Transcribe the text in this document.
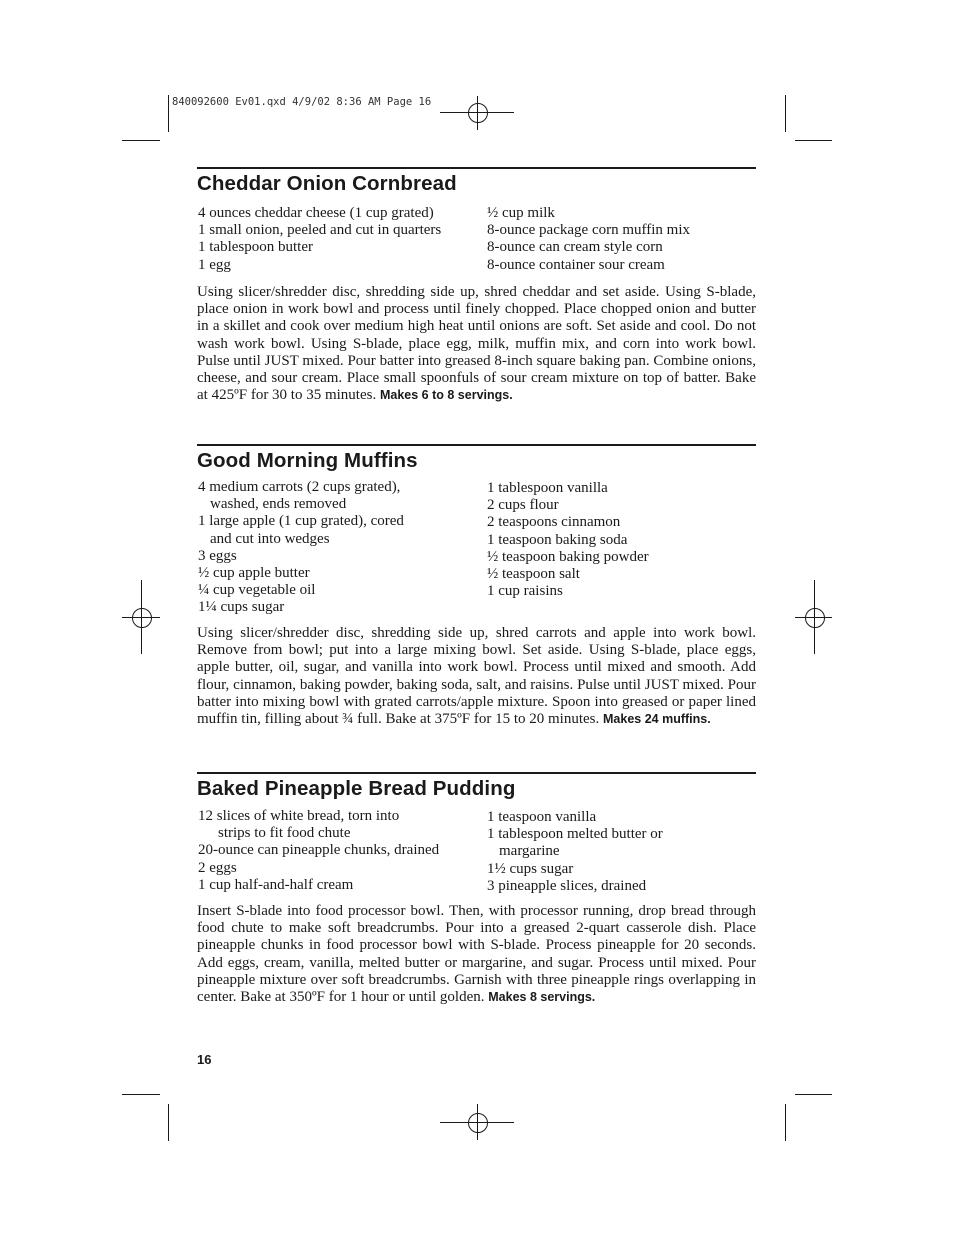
840092600 Ev01.qxd 4/9/02 8:36 AM Page 16
Cheddar Onion Cornbread
4 ounces cheddar cheese (1 cup grated)
1 small onion, peeled and cut in quarters
1 tablespoon butter
1 egg
½ cup milk
8-ounce package corn muffin mix
8-ounce can cream style corn
8-ounce container sour cream

Using slicer/shredder disc, shredding side up, shred cheddar and set aside. Using S-blade, place onion in work bowl and process until finely chopped. Place chopped onion and butter in a skillet and cook over medium high heat until onions are soft. Set aside and cool. Do not wash work bowl. Using S-blade, place egg, milk, muffin mix, and corn into work bowl. Pulse until JUST mixed. Pour batter into greased 8-inch square baking pan. Combine onions, cheese, and sour cream. Place small spoonfuls of sour cream mixture on top of batter. Bake at 425ºF for 30 to 35 minutes. Makes 6 to 8 servings.

Good Morning Muffins
4 medium carrots (2 cups grated),
washed, ends removed
1 large apple (1 cup grated), cored
and cut into wedges
3 eggs
½ cup apple butter
¼ cup vegetable oil
1¼ cups sugar
1 tablespoon vanilla
2 cups flour
2 teaspoons cinnamon
1 teaspoon baking soda
½ teaspoon baking powder
½ teaspoon salt
1 cup raisins

Using slicer/shredder disc, shredding side up, shred carrots and apple into work bowl. Remove from bowl; put into a large mixing bowl. Set aside. Using S-blade, place eggs, apple butter, oil, sugar, and vanilla into work bowl. Process until mixed and smooth. Add flour, cinnamon, baking powder, baking soda, salt, and raisins. Pulse until JUST mixed. Pour batter into mixing bowl with grated carrots/apple mixture. Spoon into greased or paper lined muffin tin, filling about ¾ full. Bake at 375ºF for 15 to 20 minutes. Makes 24 muffins.

Baked Pineapple Bread Pudding
12 slices of white bread, torn into
strips to fit food chute
20-ounce can pineapple chunks, drained
2 eggs
1 cup half-and-half cream
1 teaspoon vanilla
1 tablespoon melted butter or
margarine
1½ cups sugar
3 pineapple slices, drained

Insert S-blade into food processor bowl. Then, with processor running, drop bread through food chute to make soft breadcrumbs. Pour into a greased 2-quart casserole dish. Place pineapple chunks in food processor bowl with S-blade. Process pineapple for 20 seconds. Add eggs, cream, vanilla, melted butter or margarine, and sugar. Process until mixed. Pour pineapple mixture over soft breadcrumbs. Garnish with three pineapple rings overlapping in center. Bake at 350ºF for 1 hour or until golden. Makes 8 servings.

16
